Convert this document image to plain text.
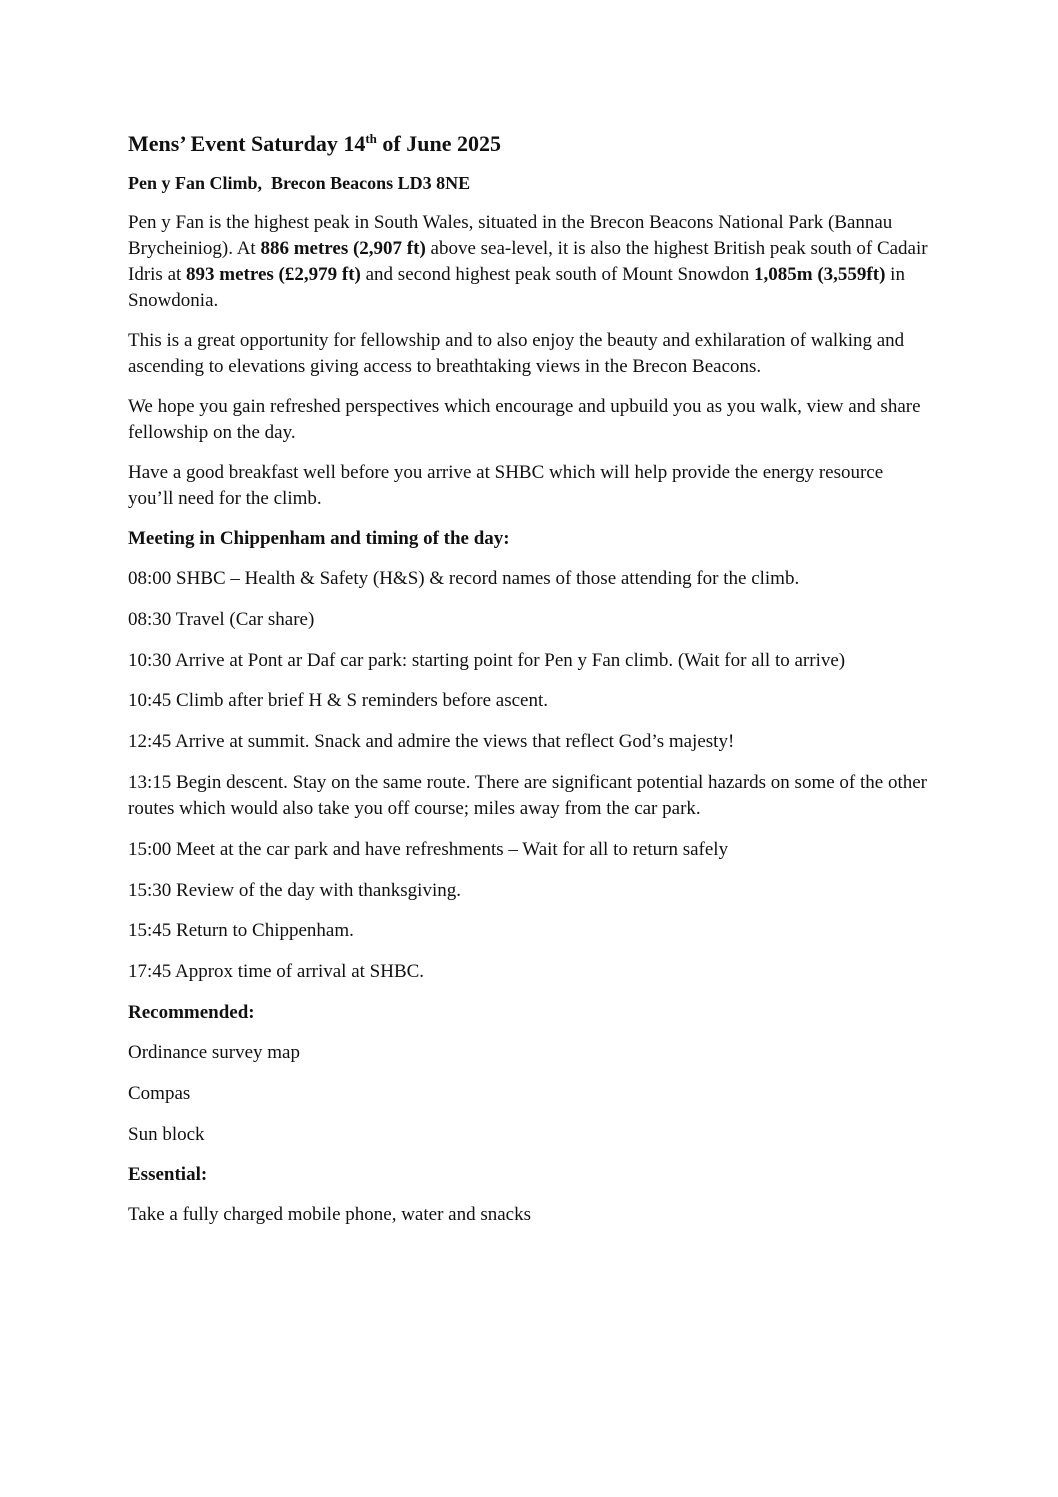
Mens’ Event Saturday 14th of June 2025
Pen y Fan Climb,  Brecon Beacons LD3 8NE

Pen y Fan is the highest peak in South Wales, situated in the Brecon Beacons National Park (Bannau Brycheiniog). At 886 metres (2,907 ft) above sea-level, it is also the highest British peak south of Cadair Idris at 893 metres (£2,979 ft) and second highest peak south of Mount Snowdon 1,085m (3,559ft) in Snowdonia.

This is a great opportunity for fellowship and to also enjoy the beauty and exhilaration of walking and ascending to elevations giving access to breathtaking views in the Brecon Beacons.

We hope you gain refreshed perspectives which encourage and upbuild you as you walk, view and share fellowship on the day.

Have a good breakfast well before you arrive at SHBC which will help provide the energy resource you’ll need for the climb.

Meeting in Chippenham and timing of the day:
08:00 SHBC – Health & Safety (H&S) & record names of those attending for the climb.
08:30 Travel (Car share)
10:30 Arrive at Pont ar Daf car park: starting point for Pen y Fan climb. (Wait for all to arrive)
10:45 Climb after brief H & S reminders before ascent.
12:45 Arrive at summit. Snack and admire the views that reflect God’s majesty!
13:15 Begin descent. Stay on the same route. There are significant potential hazards on some of the other routes which would also take you off course; miles away from the car park.
15:00 Meet at the car park and have refreshments – Wait for all to return safely
15:30 Review of the day with thanksgiving.
15:45 Return to Chippenham.
17:45 Approx time of arrival at SHBC.
Recommended:
Ordinance survey map
Compas
Sun block
Essential:
Take a fully charged mobile phone, water and snacks
